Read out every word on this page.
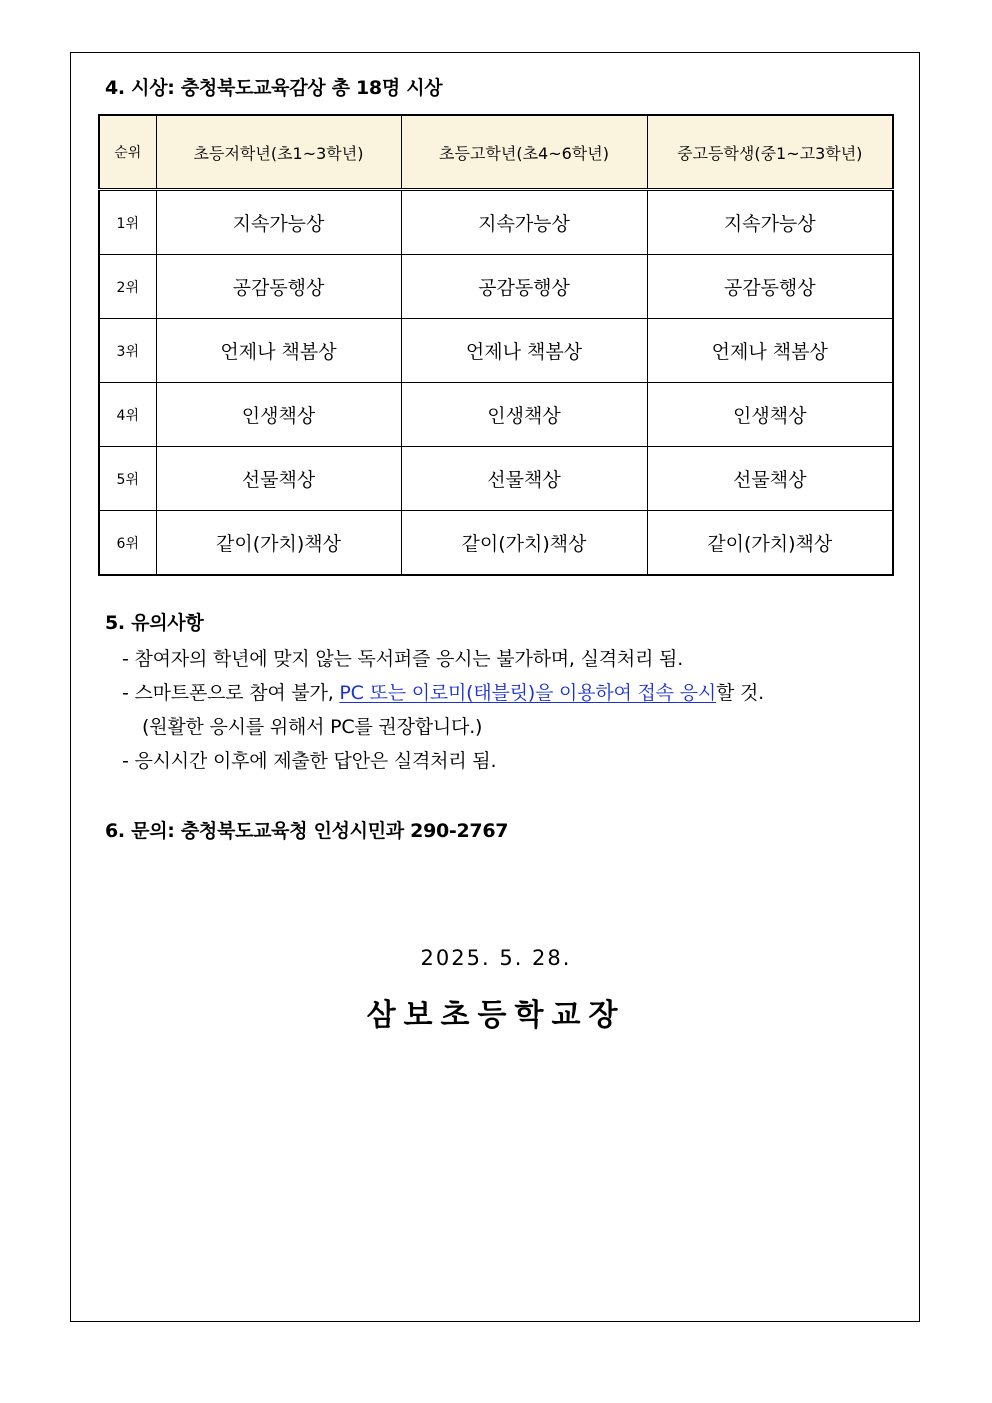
4. 시상: 충청북도교육감상 총 18명 시상
순위	초등저학년(초1~3학년)	초등고학년(초4~6학년)	중고등학생(중1~고3학년)
1위	지속가능상	지속가능상	지속가능상
2위	공감동행상	공감동행상	공감동행상
3위	언제나 책봄상	언제나 책봄상	언제나 책봄상
4위	인생책상	인생책상	인생책상
5위	선물책상	선물책상	선물책상
6위	같이(가치)책상	같이(가치)책상	같이(가치)책상
5. 유의사항
- 참여자의 학년에 맞지 않는 독서퍼즐 응시는 불가하며, 실격처리 됨.
- 스마트폰으로 참여 불가, PC 또는 이로미(태블릿)을 이용하여 접속 응시할 것.
(원활한 응시를 위해서 PC를 권장합니다.)
- 응시시간 이후에 제출한 답안은 실격처리 됨.
6. 문의: 충청북도교육청 인성시민과 290-2767
2025. 5. 28.
삼보초등학교장
